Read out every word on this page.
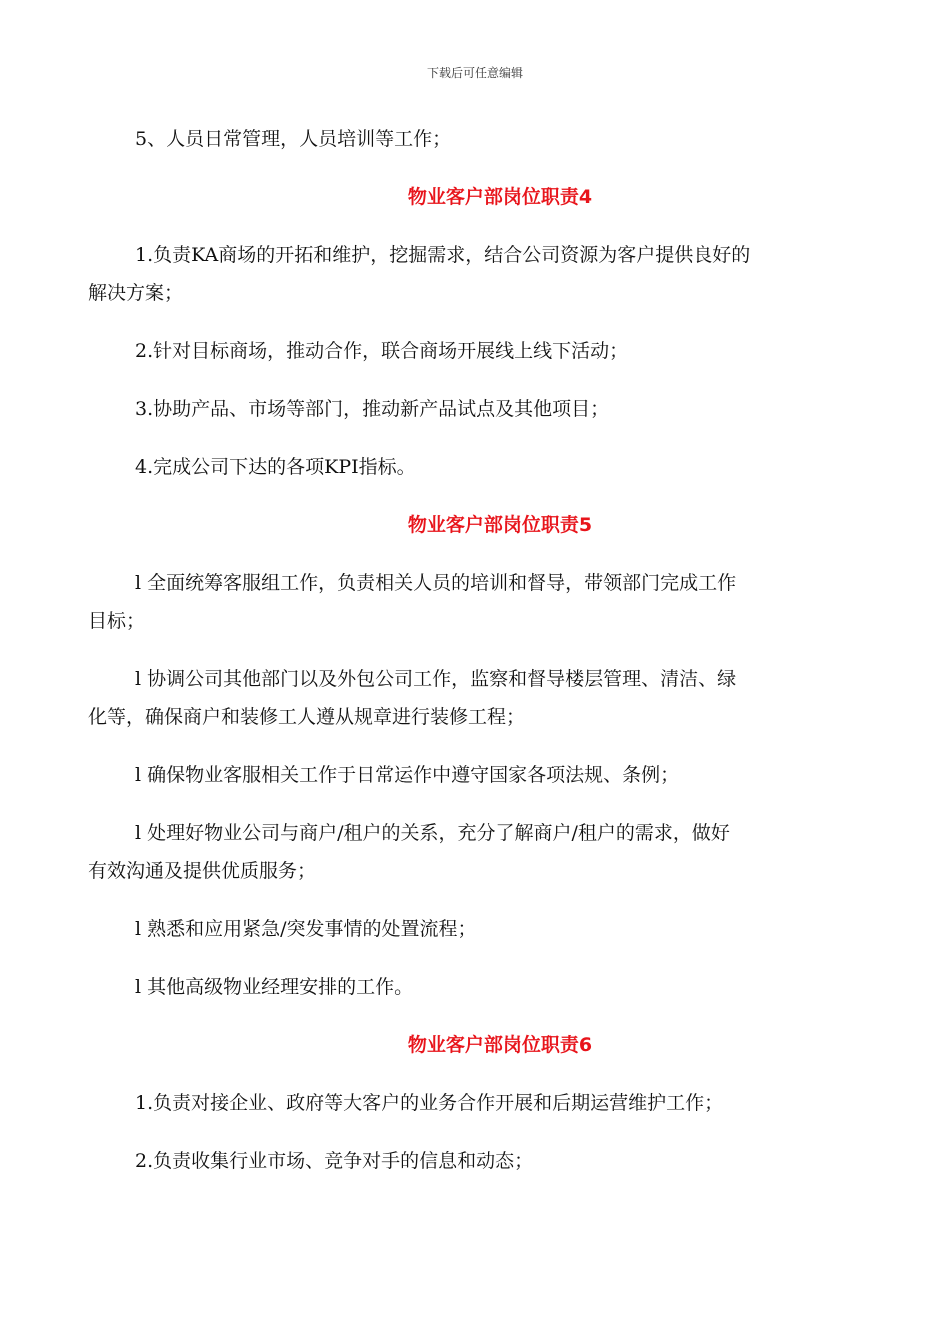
下载后可任意编辑
5、人员日常管理，人员培训等工作；
物业客户部岗位职责4
1.负责KA商场的开拓和维护，挖掘需求，结合公司资源为客户提供良好的
解决方案；
2.针对目标商场，推动合作，联合商场开展线上线下活动；
3.协助产品、市场等部门，推动新产品试点及其他项目；
4.完成公司下达的各项KPI指标。
物业客户部岗位职责5
l 全面统筹客服组工作，负责相关人员的培训和督导，带领部门完成工作
目标；
l 协调公司其他部门以及外包公司工作，监察和督导楼层管理、清洁、绿
化等，确保商户和装修工人遵从规章进行装修工程；
l 确保物业客服相关工作于日常运作中遵守国家各项法规、条例；
l 处理好物业公司与商户/租户的关系，充分了解商户/租户的需求，做好
有效沟通及提供优质服务；
l 熟悉和应用紧急/突发事情的处置流程；
l 其他高级物业经理安排的工作。
物业客户部岗位职责6
1.负责对接企业、政府等大客户的业务合作开展和后期运营维护工作；
2.负责收集行业市场、竞争对手的信息和动态；
